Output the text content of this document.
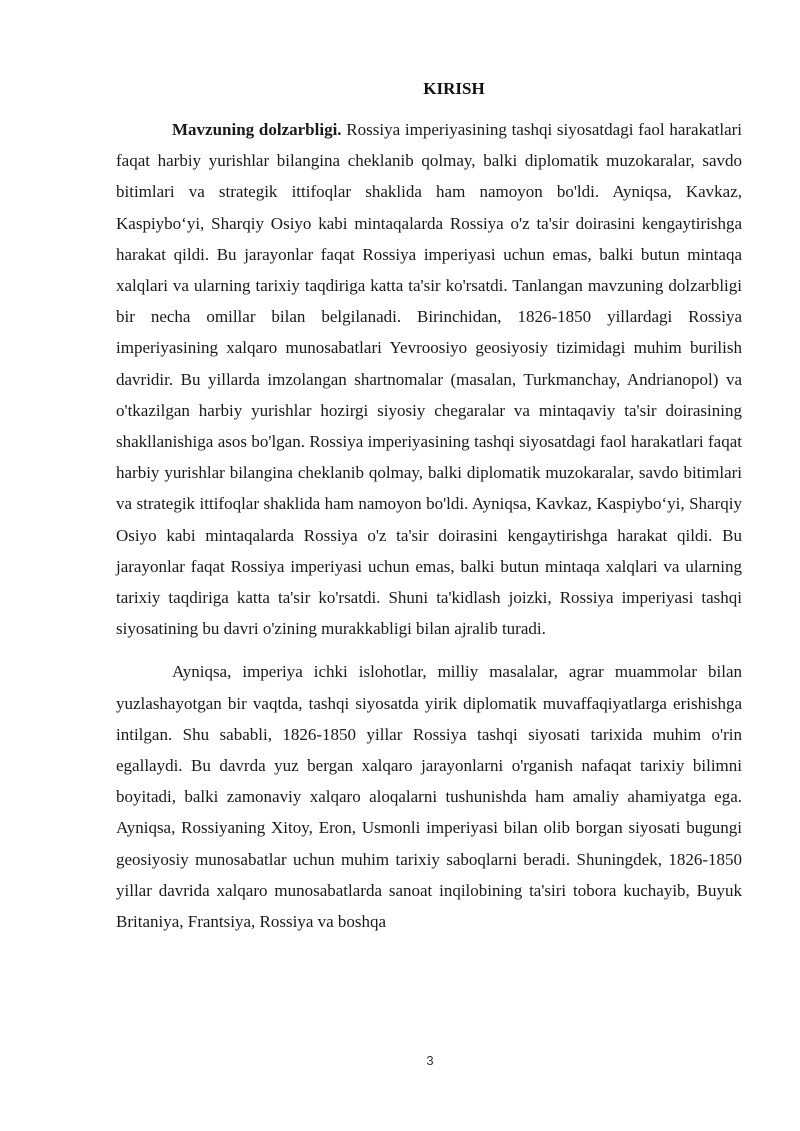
KIRISH

Mavzuning dolzarbligi. Rossiya imperiyasining tashqi siyosatdagi faol harakatlari faqat harbiy yurishlar bilangina cheklanib qolmay, balki diplomatik muzokaralar, savdo bitimlari va strategik ittifoqlar shaklida ham namoyon bo'ldi. Ayniqsa, Kavkaz, Kaspiybo‘yi, Sharqiy Osiyo kabi mintaqalarda Rossiya o'z ta'sir doirasini kengaytirishga harakat qildi. Bu jarayonlar faqat Rossiya imperiyasi uchun emas, balki butun mintaqa xalqlari va ularning tarixiy taqdiriga katta ta'sir ko'rsatdi. Tanlangan mavzuning dolzarbligi bir necha omillar bilan belgilanadi. Birinchidan, 1826-1850 yillardagi Rossiya imperiyasining xalqaro munosabatlari Yevroosiyo geosiyosiy tizimidagi muhim burilish davridir. Bu yillarda imzolangan shartnomalar (masalan, Turkmanchay, Andrianopol) va o'tkazilgan harbiy yurishlar hozirgi siyosiy chegaralar va mintaqaviy ta'sir doirasining shakllanishiga asos bo'lgan. Rossiya imperiyasining tashqi siyosatdagi faol harakatlari faqat harbiy yurishlar bilangina cheklanib qolmay, balki diplomatik muzokaralar, savdo bitimlari va strategik ittifoqlar shaklida ham namoyon bo'ldi. Ayniqsa, Kavkaz, Kaspiybo‘yi, Sharqiy Osiyo kabi mintaqalarda Rossiya o'z ta'sir doirasini kengaytirishga harakat qildi. Bu jarayonlar faqat Rossiya imperiyasi uchun emas, balki butun mintaqa xalqlari va ularning tarixiy taqdiriga katta ta'sir ko'rsatdi. Shuni ta'kidlash joizki, Rossiya imperiyasi tashqi siyosatining bu davri o'zining murakkabligi bilan ajralib turadi.

Ayniqsa, imperiya ichki islohotlar, milliy masalalar, agrar muammolar bilan yuzlashayotgan bir vaqtda, tashqi siyosatda yirik diplomatik muvaffaqiyatlarga erishishga intilgan. Shu sababli, 1826-1850 yillar Rossiya tashqi siyosati tarixida muhim o'rin egallaydi. Bu davrda yuz bergan xalqaro jarayonlarni o'rganish nafaqat tarixiy bilimni boyitadi, balki zamonaviy xalqaro aloqalarni tushunishda ham amaliy ahamiyatga ega. Ayniqsa, Rossiyaning Xitoy, Eron, Usmonli imperiyasi bilan olib borgan siyosati bugungi geosiyosiy munosabatlar uchun muhim tarixiy saboqlarni beradi. Shuningdek, 1826-1850 yillar davrida xalqaro munosabatlarda sanoat inqilobining ta'siri tobora kuchayib, Buyuk Britaniya, Frantsiya, Rossiya va boshqa

3
